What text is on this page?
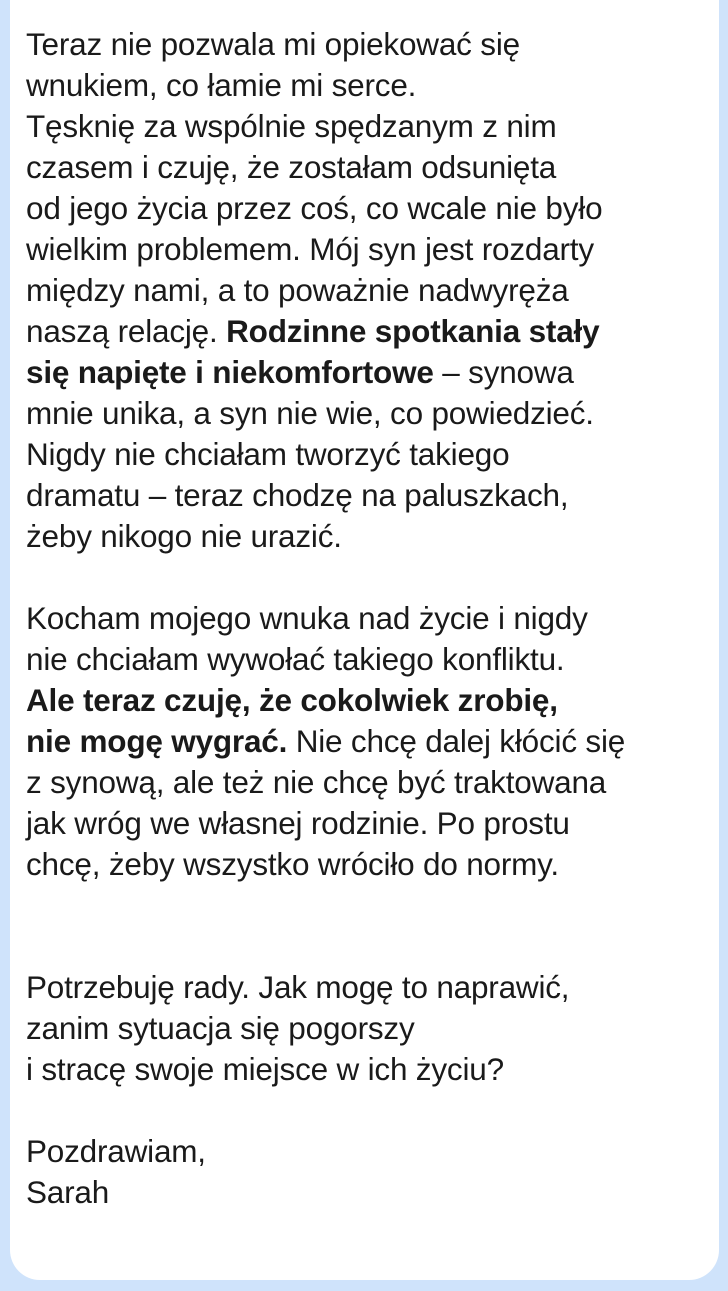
Teraz nie pozwala mi opiekować się
wnukiem, co łamie mi serce.
Tęsknię za wspólnie spędzanym z nim
czasem i czuję, że zostałam odsunięta
od jego życia przez coś, co wcale nie było
wielkim problemem. Mój syn jest rozdarty
między nami, a to poważnie nadwyręża
naszą relację. Rodzinne spotkania stały
się napięte i niekomfortowe – synowa
mnie unika, a syn nie wie, co powiedzieć.
Nigdy nie chciałam tworzyć takiego
dramatu – teraz chodzę na paluszkach,
żeby nikogo nie urazić.
Kocham mojego wnuka nad życie i nigdy
nie chciałam wywołać takiego konfliktu.
Ale teraz czuję, że cokolwiek zrobię,
nie mogę wygrać. Nie chcę dalej kłócić się
z synową, ale też nie chcę być traktowana
jak wróg we własnej rodzinie. Po prostu
chcę, żeby wszystko wróciło do normy.
Potrzebuję rady. Jak mogę to naprawić,
zanim sytuacja się pogorszy
i stracę swoje miejsce w ich życiu?
Pozdrawiam,
Sarah
